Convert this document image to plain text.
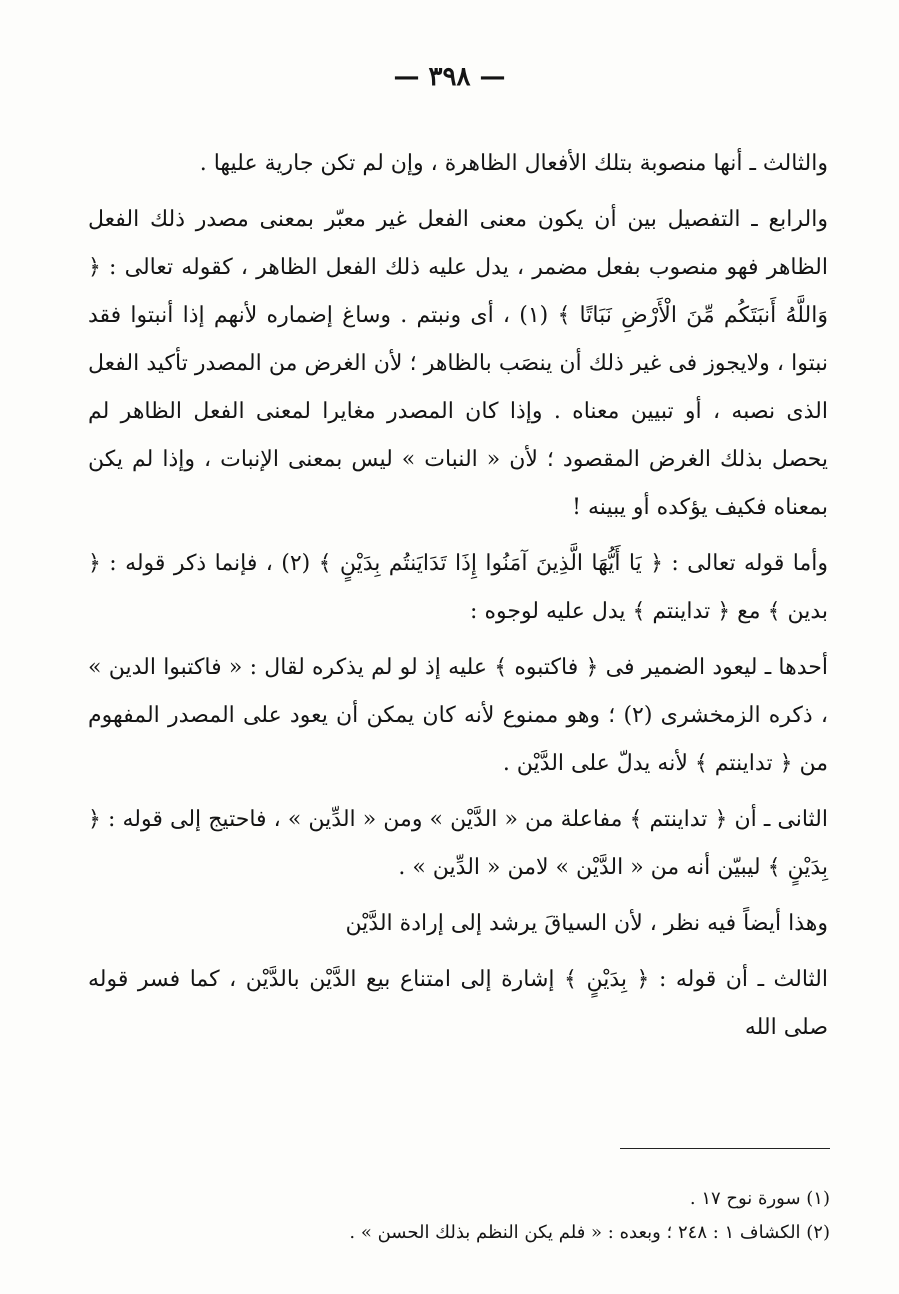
— ٣٩٨ —

والثالث ـ أنها منصوبة بتلك الأفعال الظاهرة ، وإن لم تكن جارية عليها .

والرابع ـ التفصيل بين أن يكون معنى الفعل غير معبّر بمعنى مصدر ذلك الفعل الظاهر فهو منصوب بفعل مضمر ، يدل عليه ذلك الفعل الظاهر ، كقوله تعالى : ﴿ وَاللَّهُ أَنبَتَكُم مِّنَ الْأَرْضِ نَبَاتًا ﴾ (١) ، أى ونبتم . وساغ إضماره لأنهم إذا أنبتوا فقد نبتوا ، ولايجوز فى غير ذلك أن ينصَب بالظاهر ؛ لأن الغرض من المصدر تأكيد الفعل الذى نصبه ، أو تبيين معناه . وإذا كان المصدر مغايرا لمعنى الفعل الظاهر لم يحصل بذلك الغرض المقصود ؛ لأن « النبات » ليس بمعنى الإنبات ، وإذا لم يكن بمعناه فكيف يؤكده أو يبينه !

وأما قوله تعالى : ﴿ يَا أَيُّهَا الَّذِينَ آمَنُوا إِذَا تَدَايَنتُم بِدَيْنٍ ﴾ (٢) ، فإنما ذكر قوله : ﴿ بدين ﴾ مع ﴿ تداينتم ﴾ يدل عليه لوجوه :

أحدها ـ ليعود الضمير فى ﴿ فاكتبوه ﴾ عليه إذ لو لم يذكره لقال : « فاكتبوا الدين » ، ذكره الزمخشرى (٢) ؛ وهو ممنوع لأنه كان يمكن أن يعود على المصدر المفهوم من ﴿ تداينتم ﴾ لأنه يدلّ على الدَّيْن .

الثانى ـ أن ﴿ تداينتم ﴾ مفاعلة من « الدَّيْن » ومن « الدِّين » ، فاحتيج إلى قوله : ﴿ بِدَيْنٍ ﴾ ليبيّن أنه من « الدَّيْن » لامن « الدِّين » .

وهذا أيضاً فيه نظر ، لأن السياقَ يرشد إلى إرادة الدَّيْن

الثالث ـ أن قوله : ﴿ بِدَيْنٍ ﴾ إشارة إلى امتناع بيع الدَّيْن بالدَّيْن ، كما فسر قوله صلى الله

(١) سورة نوح ١٧ .

(٢) الكشاف ١ : ٢٤٨ ؛ وبعده : « فلم يكن النظم بذلك الحسن » .
